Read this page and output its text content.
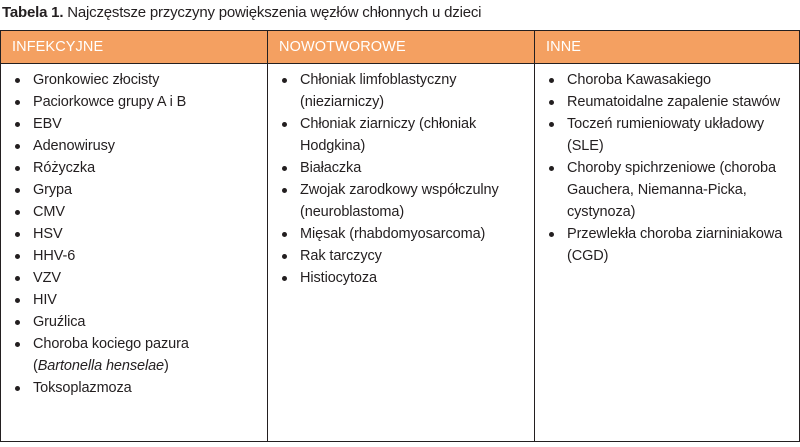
Tabela 1. Najczęstsze przyczyny powiększenia węzłów chłonnych u dzieci
INFEKCYJNE	NOWOTWOROWE	INNE
Gronkowiec złocisty
Paciorkowce grupy A i B
EBV
Adenowirusy
Różyczka
Grypa
CMV
HSV
HHV-6
VZV
HIV
Gruźlica
Choroba kociego pazura
(Bartonella henselae)
Toksoplazmoza
Chłoniak limfoblastyczny
(nieziarniczy)
Chłoniak ziarniczy (chłoniak
Hodgkina)
Białaczka
Zwojak zarodkowy współczulny
(neuroblastoma)
Mięsak (rhabdomyosarcoma)
Rak tarczycy
Histiocytoza
Choroba Kawasakiego
Reumatoidalne zapalenie stawów
Toczeń rumieniowaty układowy
(SLE)
Choroby spichrzeniowe (choroba
Gauchera, Niemanna-Picka,
cystynoza)
Przewlekła choroba ziarniniakowa
(CGD)
